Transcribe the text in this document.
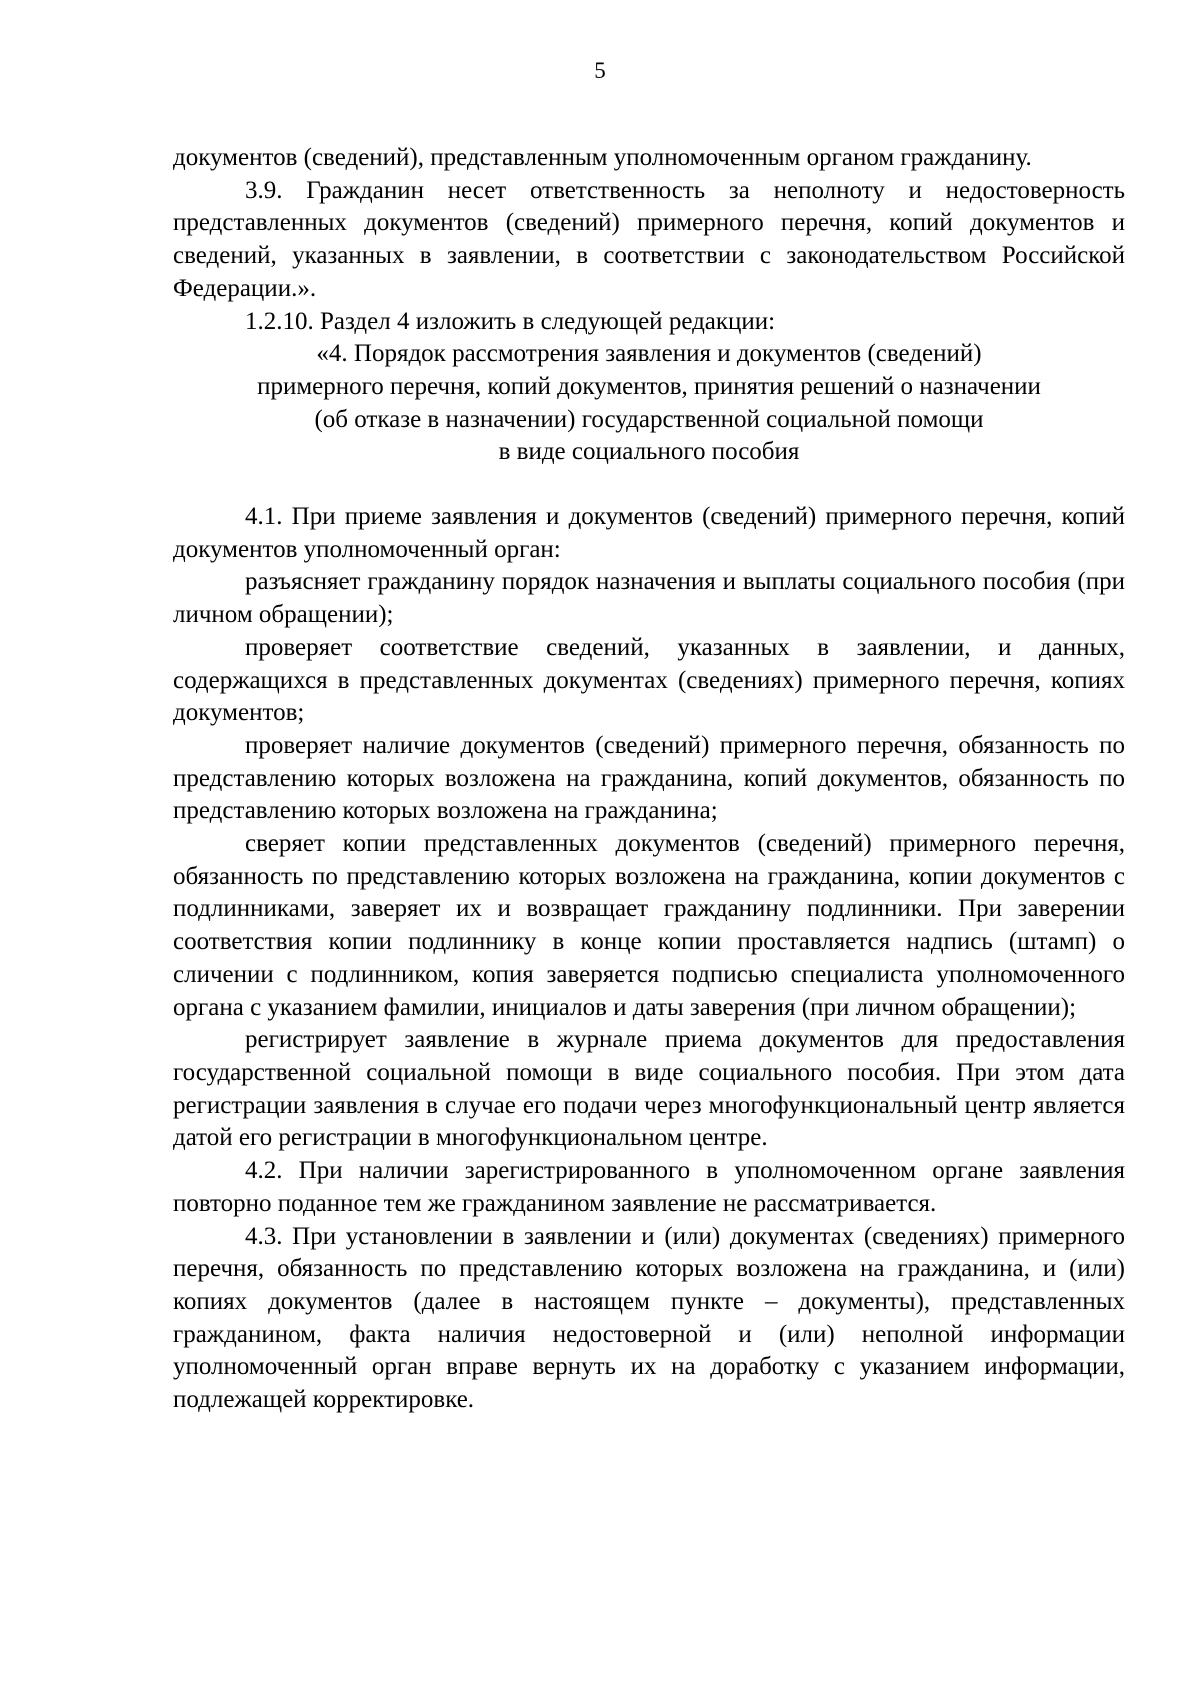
5

документов (сведений), представленным уполномоченным органом гражданину.

3.9. Гражданин несет ответственность за неполноту и недостоверность представленных документов (сведений) примерного перечня, копий документов и сведений, указанных в заявлении, в соответствии с законодательством Российской Федерации.».

1.2.10. Раздел 4 изложить в следующей редакции:

«4. Порядок рассмотрения заявления и документов (сведений)

примерного перечня, копий документов, принятия решений о назначении

(об отказе в назначении) государственной социальной помощи

в виде социального пособия

4.1. При приеме заявления и документов (сведений) примерного перечня, копий документов уполномоченный орган:

разъясняет гражданину порядок назначения и выплаты социального пособия (при личном обращении);

проверяет соответствие сведений, указанных в заявлении, и данных, содержащихся в представленных документах (сведениях) примерного перечня, копиях документов;

проверяет наличие документов (сведений) примерного перечня, обязанность по представлению которых возложена на гражданина, копий документов, обязанность по представлению которых возложена на гражданина;

сверяет копии представленных документов (сведений) примерного перечня, обязанность по представлению которых возложена на гражданина, копии документов с подлинниками, заверяет их и возвращает гражданину подлинники. При заверении соответствия копии подлиннику в конце копии проставляется надпись (штамп) о сличении с подлинником, копия заверяется подписью специалиста уполномоченного органа с указанием фамилии, инициалов и даты заверения (при личном обращении);

регистрирует заявление в журнале приема документов для предоставления государственной социальной помощи в виде социального пособия. При этом дата регистрации заявления в случае его подачи через многофункциональный центр является датой его регистрации в многофункциональном центре.

4.2. При наличии зарегистрированного в уполномоченном органе заявления повторно поданное тем же гражданином заявление не рассматривается.

4.3. При установлении в заявлении и (или) документах (сведениях) примерного перечня, обязанность по представлению которых возложена на гражданина, и (или) копиях документов (далее в настоящем пункте – документы), представленных гражданином, факта наличия недостоверной и (или) неполной информации уполномоченный орган вправе вернуть их на доработку с указанием информации, подлежащей корректировке.
